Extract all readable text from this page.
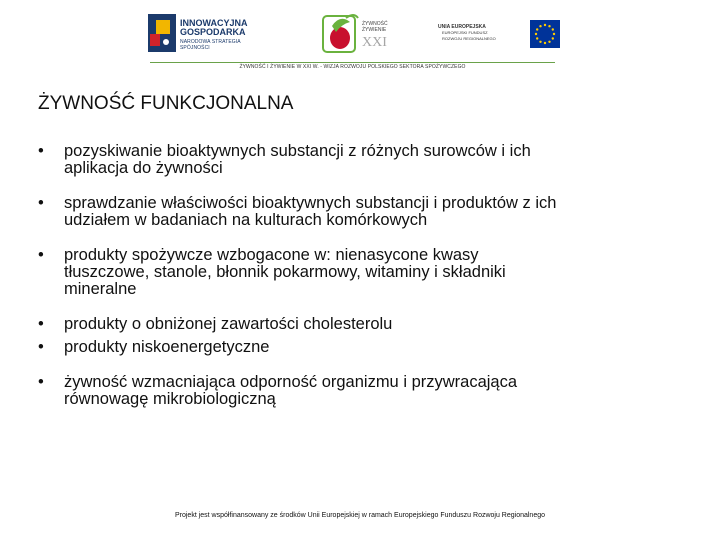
INNOWACYJNA
GOSPODARKA
NARODOWA STRATEGIA SPÓJNOŚCI
ŻYWNOŚĆ
ŻYWIENIE
XXI
UNIA EUROPEJSKA
EUROPEJSKI FUNDUSZ
ROZWOJU REGIONALNEGO
ŻYWNOŚĆ I ŻYWIENIE W XXI W. - WIZJA ROZWOJU POLSKIEGO SEKTORA SPOŻYWCZEGO
ŻYWNOŚĆ FUNKCJONALNA
• pozyskiwanie bioaktywnych substancji z różnych surowców i ich
aplikacja do żywności
• sprawdzanie właściwości bioaktywnych substancji i produktów z ich
udziałem w badaniach na kulturach komórkowych
• produkty spożywcze wzbogacone w: nienasycone kwasy
tłuszczowe, stanole, błonnik pokarmowy, witaminy i składniki
mineralne
• produkty o obniżonej zawartości cholesterolu
• produkty niskoenergetyczne
• żywność wzmacniająca odporność organizmu i przywracająca
równowagę mikrobiologiczną
Projekt jest współfinansowany ze środków Unii Europejskiej w ramach Europejskiego Funduszu Rozwoju Regionalnego
